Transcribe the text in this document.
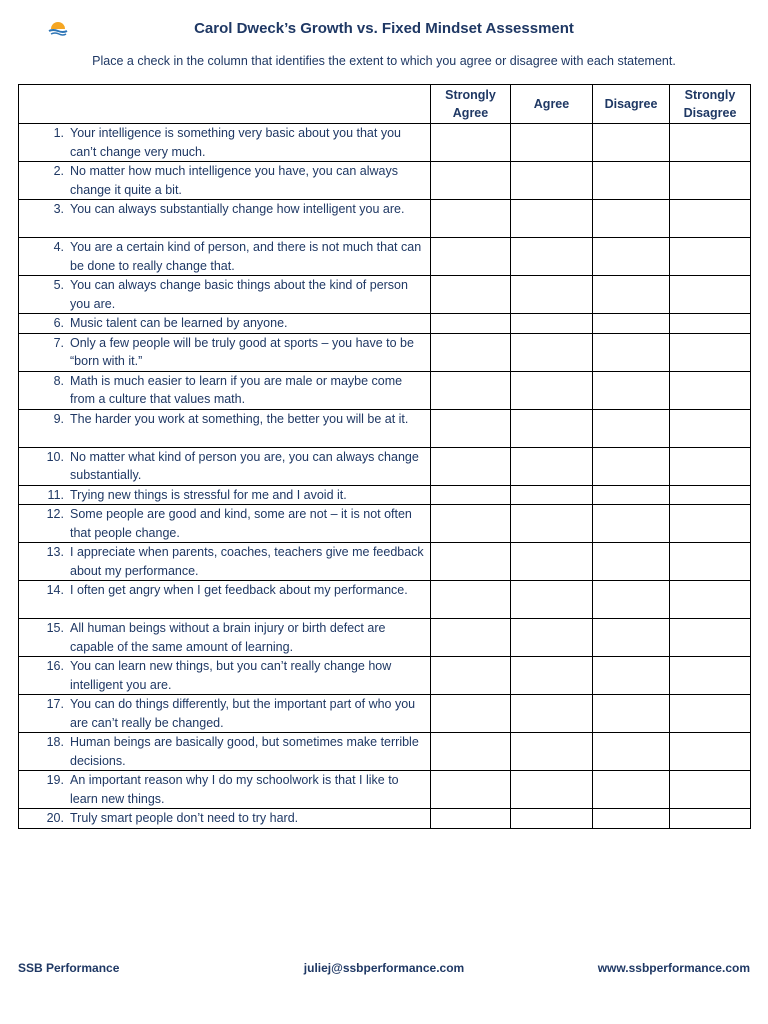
Carol Dweck’s Growth vs. Fixed Mindset Assessment
Place a check in the column that identifies the extent to which you agree or disagree with each statement.
	Strongly Agree	Agree	Disagree	Strongly Disagree

1. Your intelligence is something very basic about you that you can’t change very much.				

2. No matter how much intelligence you have, you can always change it quite a bit.				

3. You can always substantially change how intelligent you are.				

4. You are a certain kind of person, and there is not much that can be done to really change that.				

5. You can always change basic things about the kind of person you are.				

6. Music talent can be learned by anyone.				

7. Only a few people will be truly good at sports – you have to be “born with it.”				

8. Math is much easier to learn if you are male or maybe come from a culture that values math.				

9. The harder you work at something, the better you will be at it.				

10. No matter what kind of person you are, you can always change substantially.				

11. Trying new things is stressful for me and I avoid it.				

12. Some people are good and kind, some are not – it is not often that people change.				

13. I appreciate when parents, coaches, teachers give me feedback about my performance.				

14. I often get angry when I get feedback about my performance.				

15. All human beings without a brain injury or birth defect are capable of the same amount of learning.				

16. You can learn new things, but you can’t really change how intelligent you are.				

17. You can do things differently, but the important part of who you are can’t really be changed.				

18. Human beings are basically good, but sometimes make terrible decisions.				

19. An important reason why I do my schoolwork is that I like to learn new things.				

20. Truly smart people don’t need to try hard.				

SSB Performance	juliej@ssbperformance.com	www.ssbperformance.com
